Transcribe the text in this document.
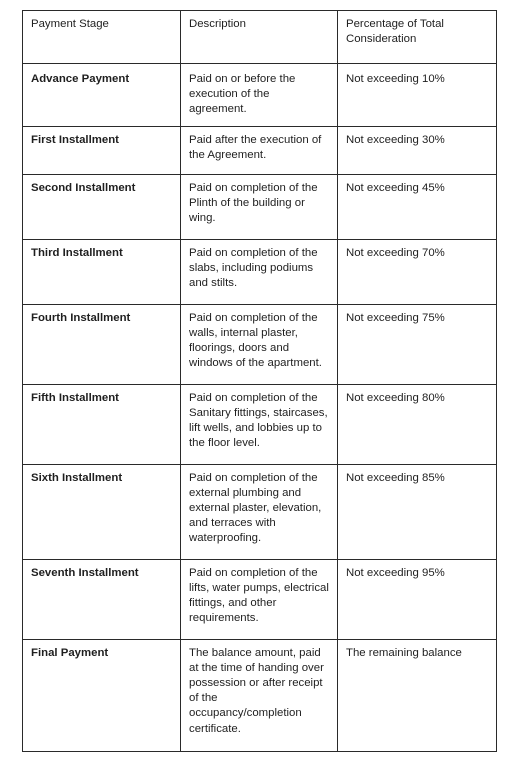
Payment Stage	Description	Percentage of Total Consideration

Advance Payment	Paid on or before the execution of the agreement.	Not exceeding 10%
First Installment	Paid after the execution of the Agreement.	Not exceeding 30%
Second Installment	Paid on completion of the Plinth of the building or wing.	Not exceeding 45%
Third Installment	Paid on completion of the slabs, including podiums and stilts.	Not exceeding 70%
Fourth Installment	Paid on completion of the walls, internal plaster, floorings, doors and windows of the apartment.	Not exceeding 75%
Fifth Installment	Paid on completion of the Sanitary fittings, staircases, lift wells, and lobbies up to the floor level.	Not exceeding 80%
Sixth Installment	Paid on completion of the external plumbing and external plaster, elevation, and terraces with waterproofing.	Not exceeding 85%
Seventh Installment	Paid on completion of the lifts, water pumps, electrical fittings, and other requirements.	Not exceeding 95%
Final Payment	The balance amount, paid at the time of handing over possession or after receipt of the occupancy/completion certificate.	The remaining balance
